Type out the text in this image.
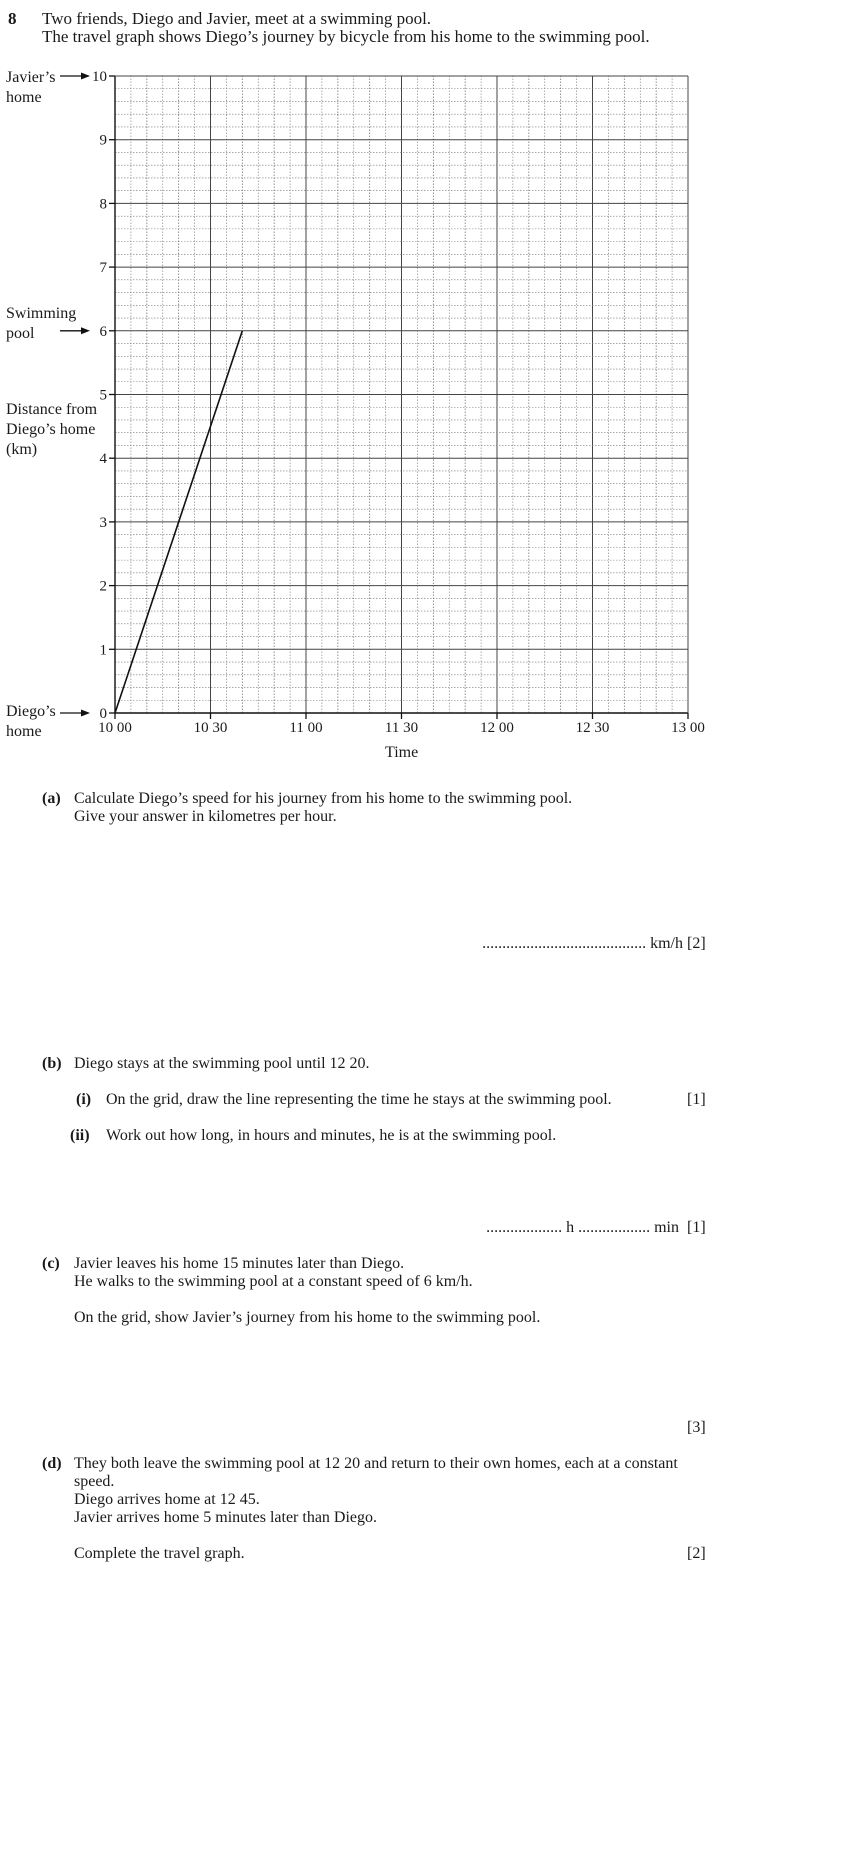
8 Two friends, Diego and Javier, meet at a swimming pool.
The travel graph shows Diego’s journey by bicycle from his home to the swimming pool.
0
1
2
3
4
5
6
7
8
9
10
10 00	10 30	11 00	11 30	12 00	12 30	13 00
Javier’s
home
Swimming
pool
Distance from
Diego’s home
(km)
Diego’s
home
Time
(a) Calculate Diego’s speed for his journey from his home to the swimming pool.
Give your answer in kilometres per hour.
......................................... km/h [2]
(b) Diego stays at the swimming pool until 12 20.
(i) On the grid, draw the line representing the time he stays at the swimming pool.	[1]
(ii) Work out how long, in hours and minutes, he is at the swimming pool.
................... h .................. min [1]
(c) Javier leaves his home 15 minutes later than Diego.
He walks to the swimming pool at a constant speed of 6 km/h.
On the grid, show Javier’s journey from his home to the swimming pool.
[3]
(d) They both leave the swimming pool at 12 20 and return to their own homes, each at a constant
speed.
Diego arrives home at 12 45.
Javier arrives home 5 minutes later than Diego.
Complete the travel graph.	[2]
